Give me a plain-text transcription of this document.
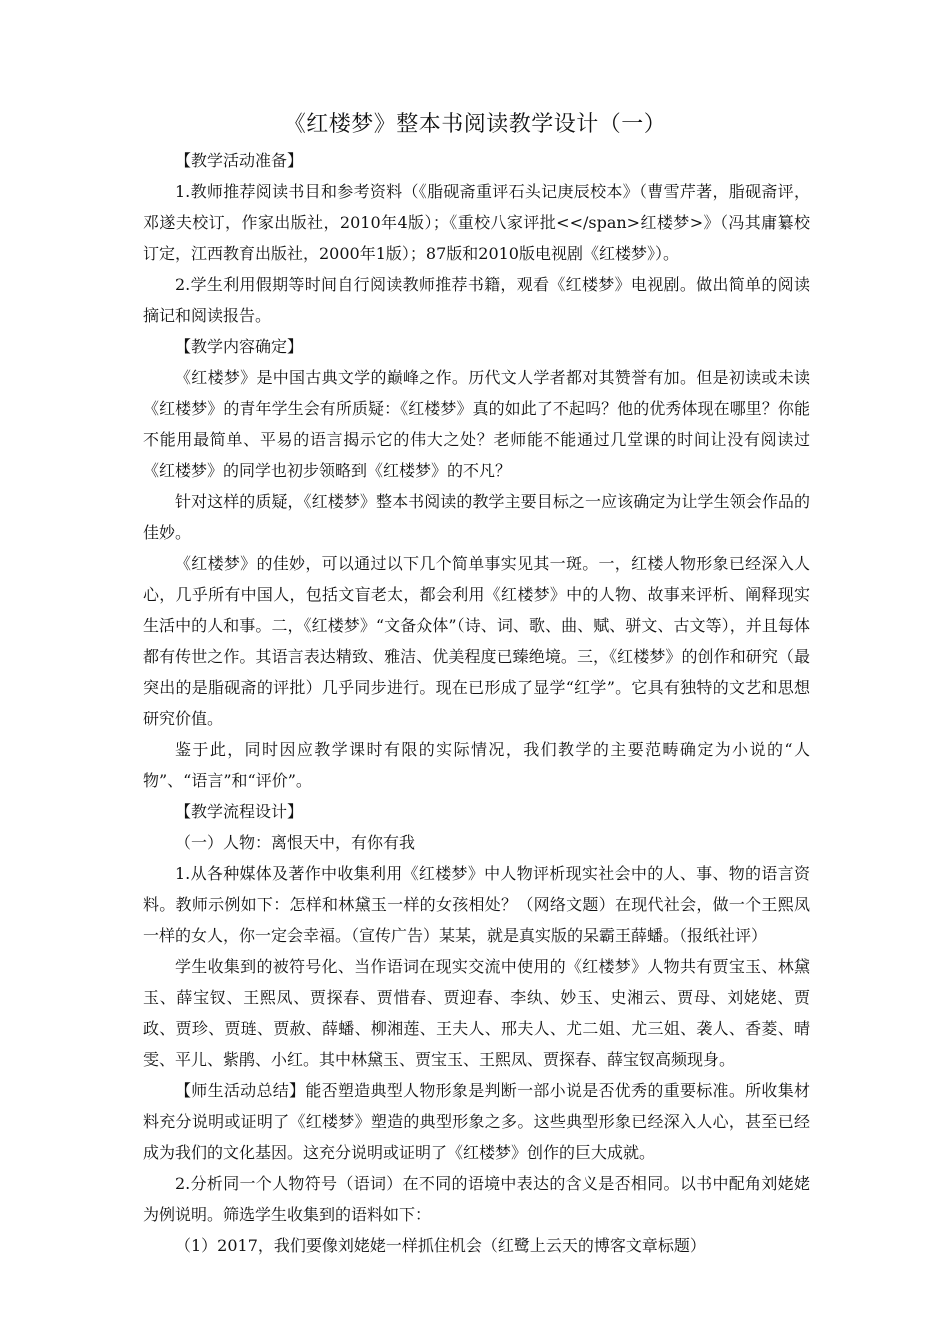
《红楼梦》整本书阅读教学设计（一）

【教学活动准备】

1.教师推荐阅读书目和参考资料（《脂砚斋重评石头记庚辰校本》（曹雪芹著，脂砚斋评，邓遂夫校订，作家出版社，2010年4版）；《重校八家评批<</span>红楼梦>》（冯其庸纂校订定，江西教育出版社，2000年1版）；87版和2010版电视剧《红楼梦》）。

2.学生利用假期等时间自行阅读教师推荐书籍，观看《红楼梦》电视剧。做出简单的阅读摘记和阅读报告。

【教学内容确定】

《红楼梦》是中国古典文学的巅峰之作。历代文人学者都对其赞誉有加。但是初读或未读《红楼梦》的青年学生会有所质疑：《红楼梦》真的如此了不起吗？他的优秀体现在哪里？你能不能用最简单、平易的语言揭示它的伟大之处？老师能不能通过几堂课的时间让没有阅读过《红楼梦》的同学也初步领略到《红楼梦》的不凡？

针对这样的质疑，《红楼梦》整本书阅读的教学主要目标之一应该确定为让学生领会作品的佳妙。

《红楼梦》的佳妙，可以通过以下几个简单事实见其一斑。一，红楼人物形象已经深入人心，几乎所有中国人，包括文盲老太，都会利用《红楼梦》中的人物、故事来评析、阐释现实生活中的人和事。二，《红楼梦》“文备众体”（诗、词、歌、曲、赋、骈文、古文等），并且每体都有传世之作。其语言表达精致、雅洁、优美程度已臻绝境。三，《红楼梦》的创作和研究（最突出的是脂砚斋的评批）几乎同步进行。现在已形成了显学“红学”。它具有独特的文艺和思想研究价值。

鉴于此，同时因应教学课时有限的实际情况，我们教学的主要范畴确定为小说的“人物”、“语言”和“评价”。

【教学流程设计】

（一）人物：离恨天中，有你有我

1.从各种媒体及著作中收集利用《红楼梦》中人物评析现实社会中的人、事、物的语言资料。教师示例如下：怎样和林黛玉一样的女孩相处？（网络文题）在现代社会，做一个王熙凤一样的女人，你一定会幸福。（宣传广告）某某，就是真实版的呆霸王薛蟠。（报纸社评）

学生收集到的被符号化、当作语词在现实交流中使用的《红楼梦》人物共有贾宝玉、林黛玉、薛宝钗、王熙凤、贾探春、贾惜春、贾迎春、李纨、妙玉、史湘云、贾母、刘姥姥、贾政、贾珍、贾琏、贾赦、薛蟠、柳湘莲、王夫人、邢夫人、尤二姐、尤三姐、袭人、香菱、晴雯、平儿、紫鹃、小红。其中林黛玉、贾宝玉、王熙凤、贾探春、薛宝钗高频现身。

【师生活动总结】能否塑造典型人物形象是判断一部小说是否优秀的重要标准。所收集材料充分说明或证明了《红楼梦》塑造的典型形象之多。这些典型形象已经深入人心，甚至已经成为我们的文化基因。这充分说明或证明了《红楼梦》创作的巨大成就。

2.分析同一个人物符号（语词）在不同的语境中表达的含义是否相同。以书中配角刘姥姥为例说明。筛选学生收集到的语料如下：

（1）2017，我们要像刘姥姥一样抓住机会（红鹭上云天的博客文章标题）
